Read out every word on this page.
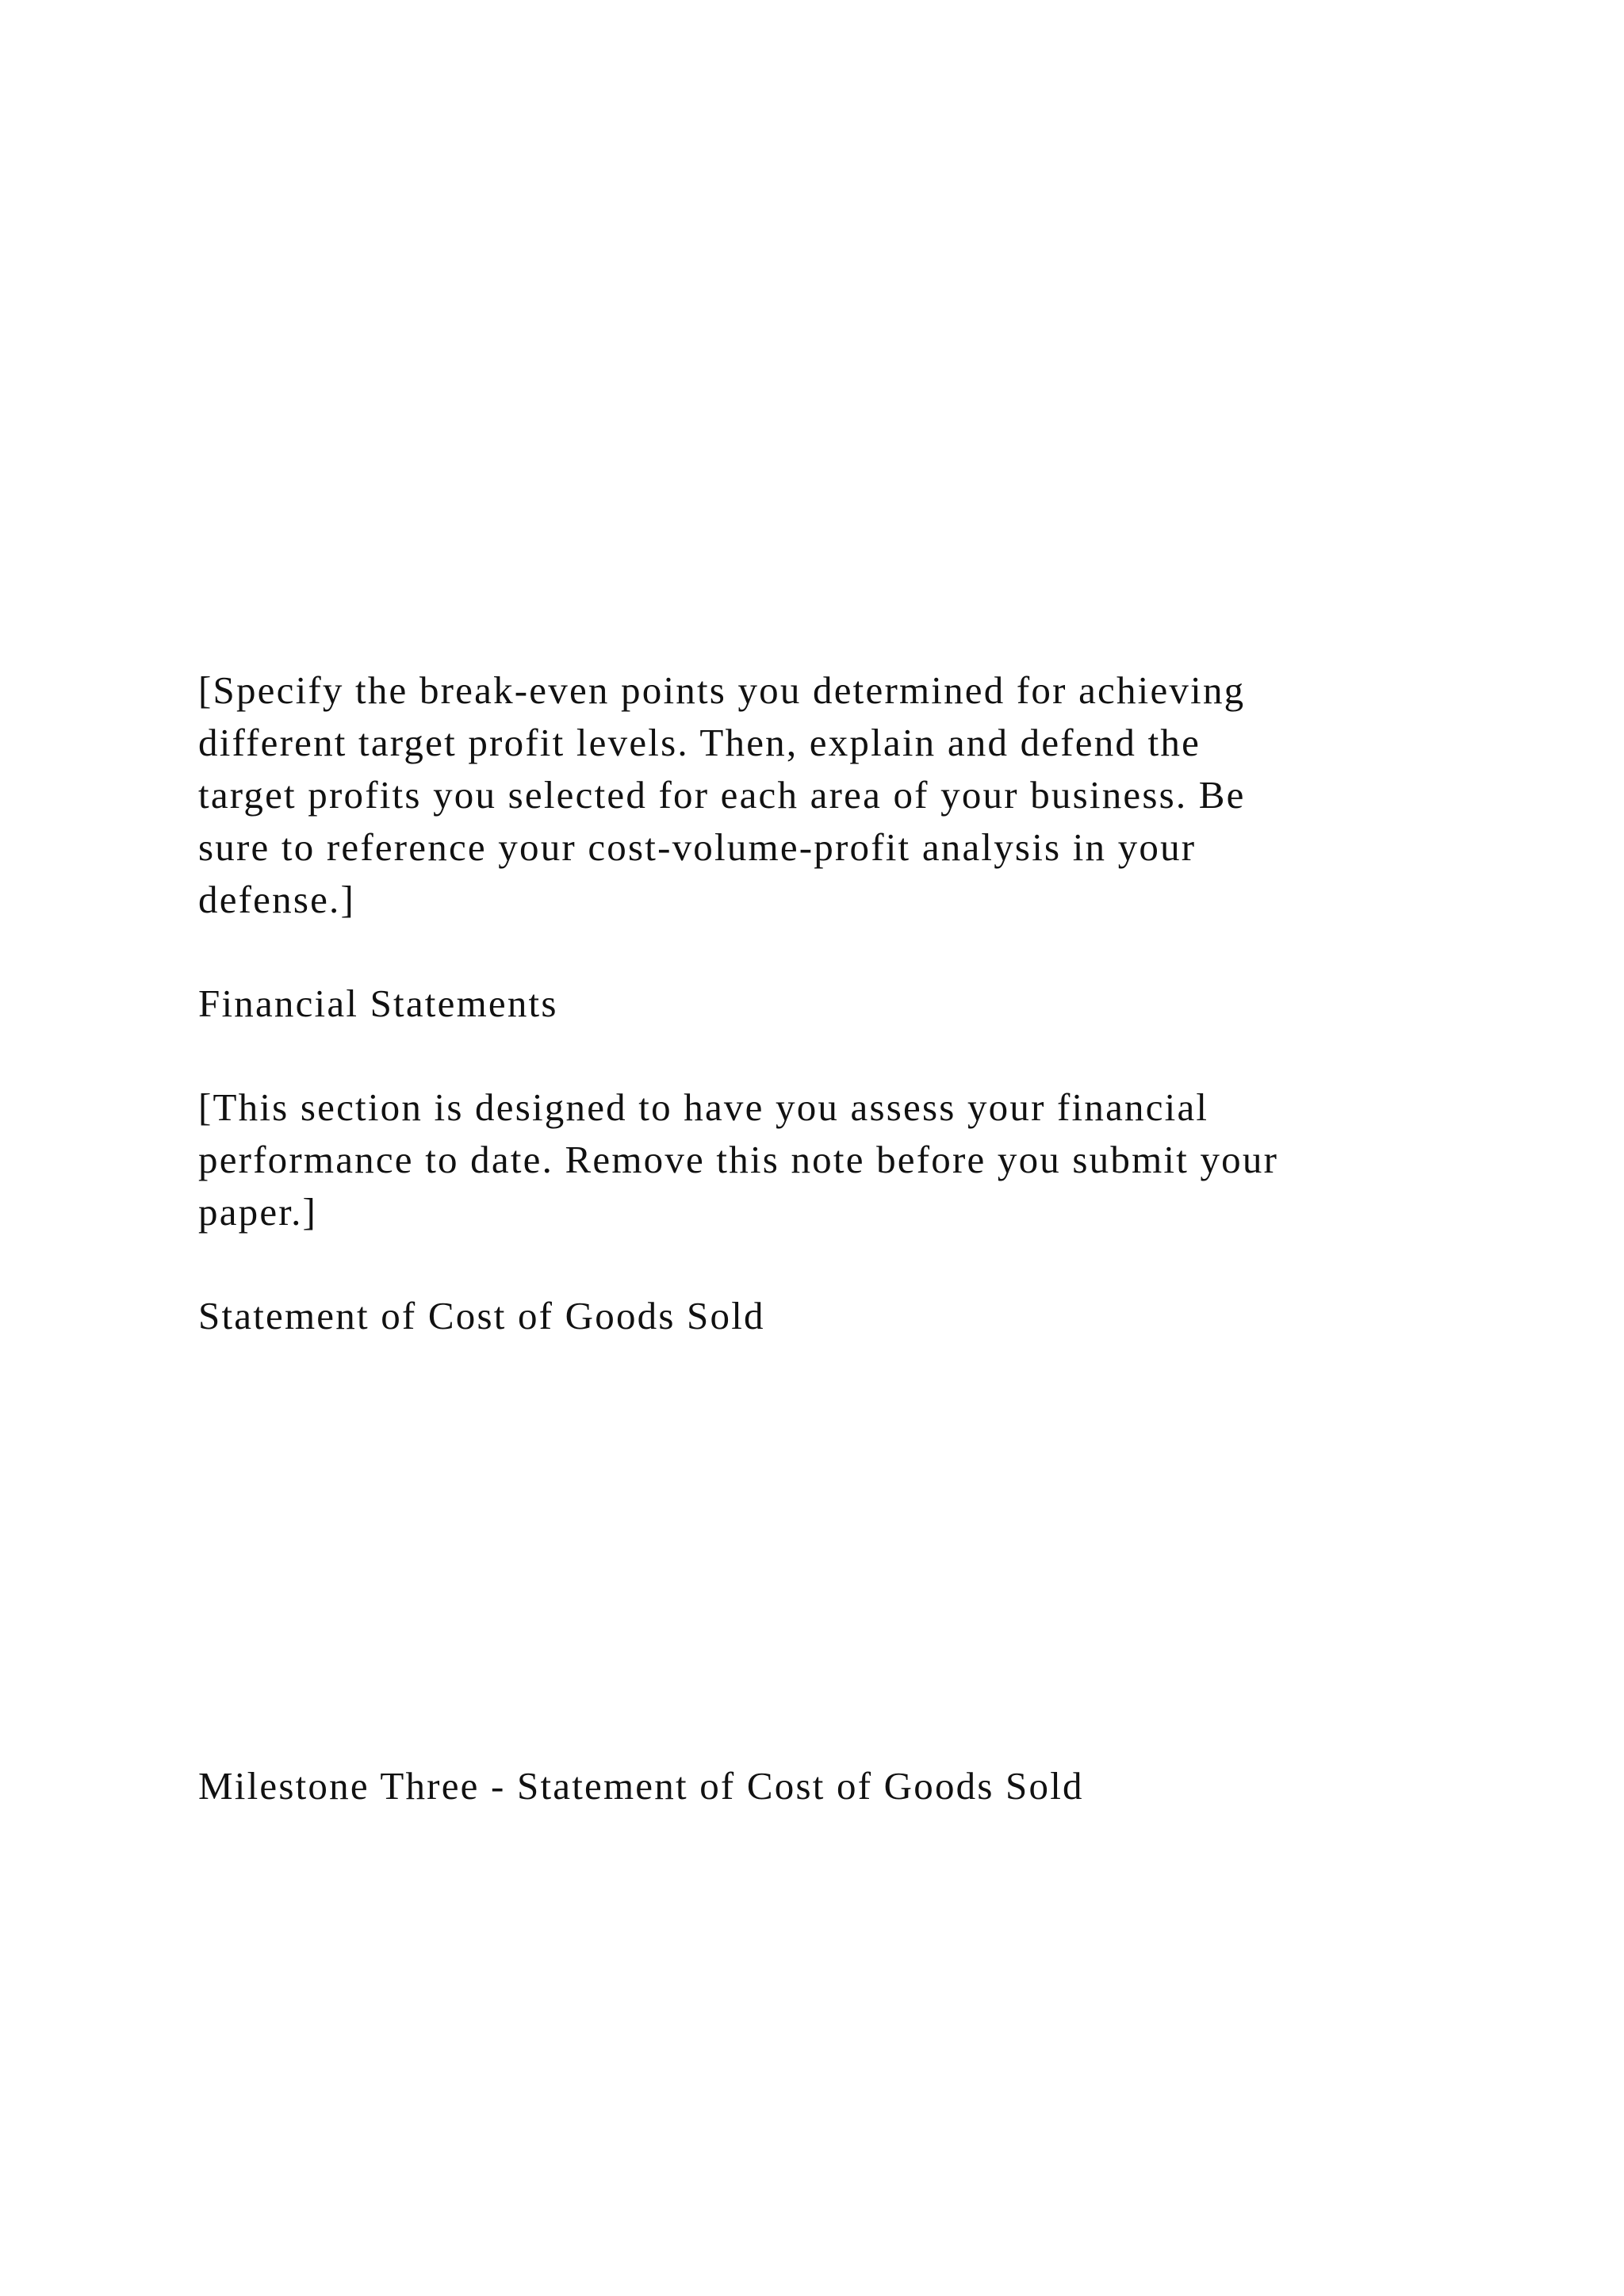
[Specify the break-even points you determined for achieving
different target profit levels. Then, explain and defend the
target profits you selected for each area of your business. Be
sure to reference your cost-volume-profit analysis in your
defense.]

Financial Statements

[This section is designed to have you assess your financial
performance to date. Remove this note before you submit your
paper.]

Statement of Cost of Goods Sold

Milestone Three - Statement of Cost of Goods Sold
